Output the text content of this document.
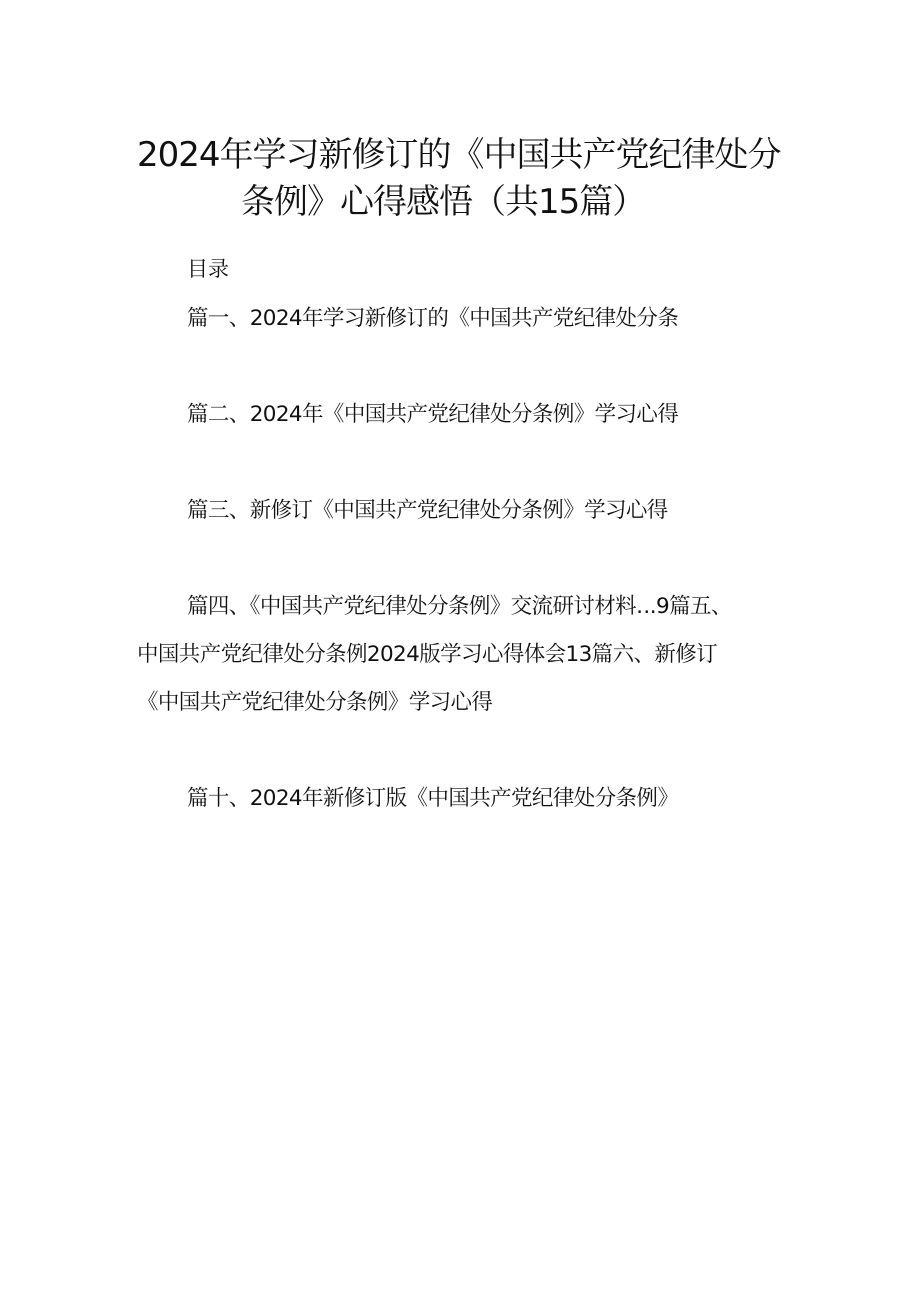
2024年学习新修订的《中国共产党纪律处分
条例》心得感悟（共15篇）
目录
篇一、2024年学习新修订的《中国共产党纪律处分条
篇二、2024年《中国共产党纪律处分条例》学习心得
篇三、新修订《中国共产党纪律处分条例》学习心得
篇四、《中国共产党纪律处分条例》交流研讨材料‥.9篇五、
中国共产党纪律处分条例2024版学习心得体会13篇六、新修订
《中国共产党纪律处分条例》学习心得
篇十、2024年新修订版《中国共产党纪律处分条例》
